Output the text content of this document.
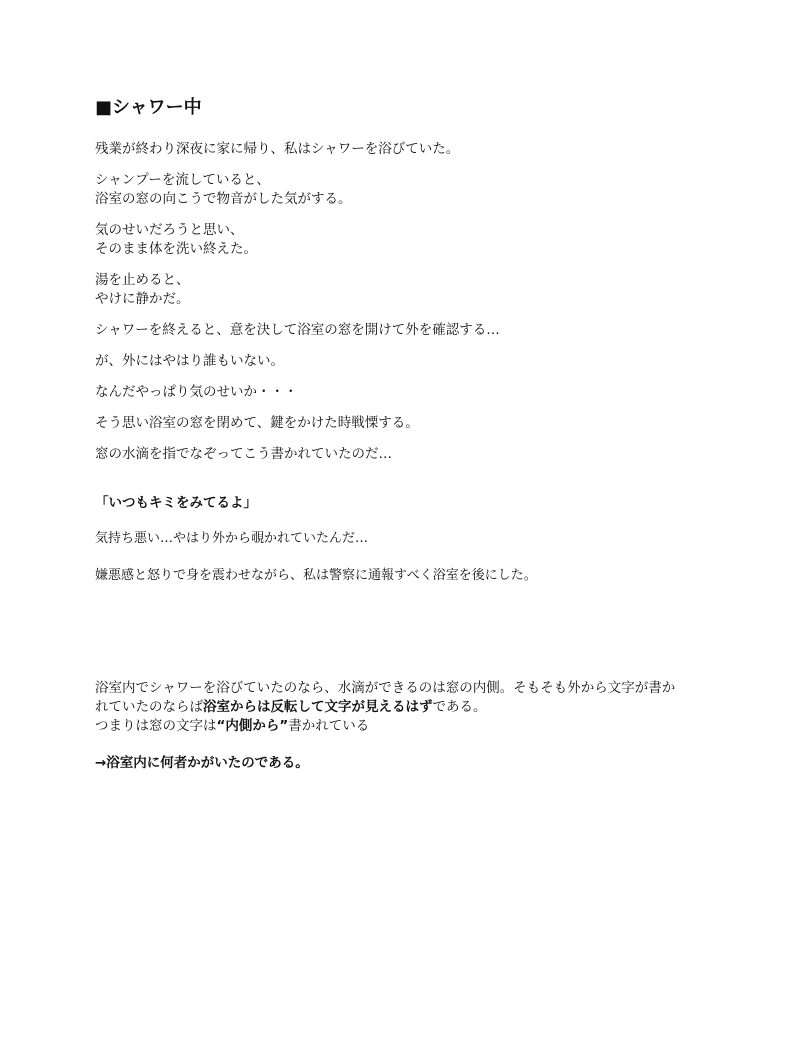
■シャワー中

残業が終わり深夜に家に帰り、私はシャワーを浴びていた。

シャンプーを流していると、
浴室の窓の向こうで物音がした気がする。

気のせいだろうと思い、
そのまま体を洗い終えた。

湯を止めると、
やけに静かだ。

シャワーを終えると、意を決して浴室の窓を開けて外を確認する…

が、外にはやはり誰もいない。

なんだやっぱり気のせいか・・・

そう思い浴室の窓を閉めて、鍵をかけた時戦慄する。

窓の水滴を指でなぞってこう書かれていたのだ…

「いつもキミをみてるよ」

気持ち悪い…やはり外から覗かれていたんだ…

嫌悪感と怒りで身を震わせながら、私は警察に通報すべく浴室を後にした。

浴室内でシャワーを浴びていたのなら、水滴ができるのは窓の内側。そもそも外から文字が書か
れていたのならば浴室からは反転して文字が見えるはずである。
つまりは窓の文字は“内側から”書かれている
→浴室内に何者かがいたのである。
